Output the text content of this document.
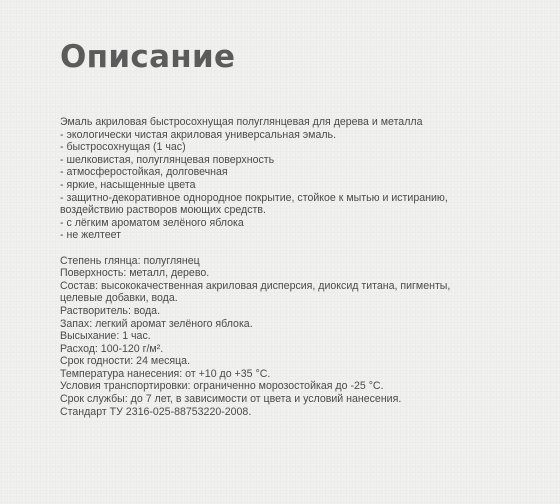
Описание
Эмаль акриловая быстросохнущая полуглянцевая для дерева и металла
- экологически чистая акриловая универсальная эмаль.
- быстросохнущая (1 час)
- шелковистая, полуглянцевая поверхность
- атмосферостойкая, долговечная
- яркие, насыщенные цвета
- защитно-декоративное однородное покрытие, стойкое к мытью и истиранию,
воздействию растворов моющих средств.
- с лёгким ароматом зелёного яблока
- не желтеет
Степень глянца: полуглянец
Поверхность: металл, дерево.
Состав: высококачественная акриловая дисперсия, диоксид титана, пигменты,
целевые добавки, вода.
Растворитель: вода.
Запах: легкий аромат зелёного яблока.
Высыхание: 1 час.
Расход: 100-120 г/м².
Срок годности: 24 месяца.
Температура нанесения: от +10 до +35 °С.
Условия транспортировки: ограниченно морозостойкая до -25 °С.
Срок службы: до 7 лет, в зависимости от цвета и условий нанесения.
Стандарт ТУ 2316-025-88753220-2008.
